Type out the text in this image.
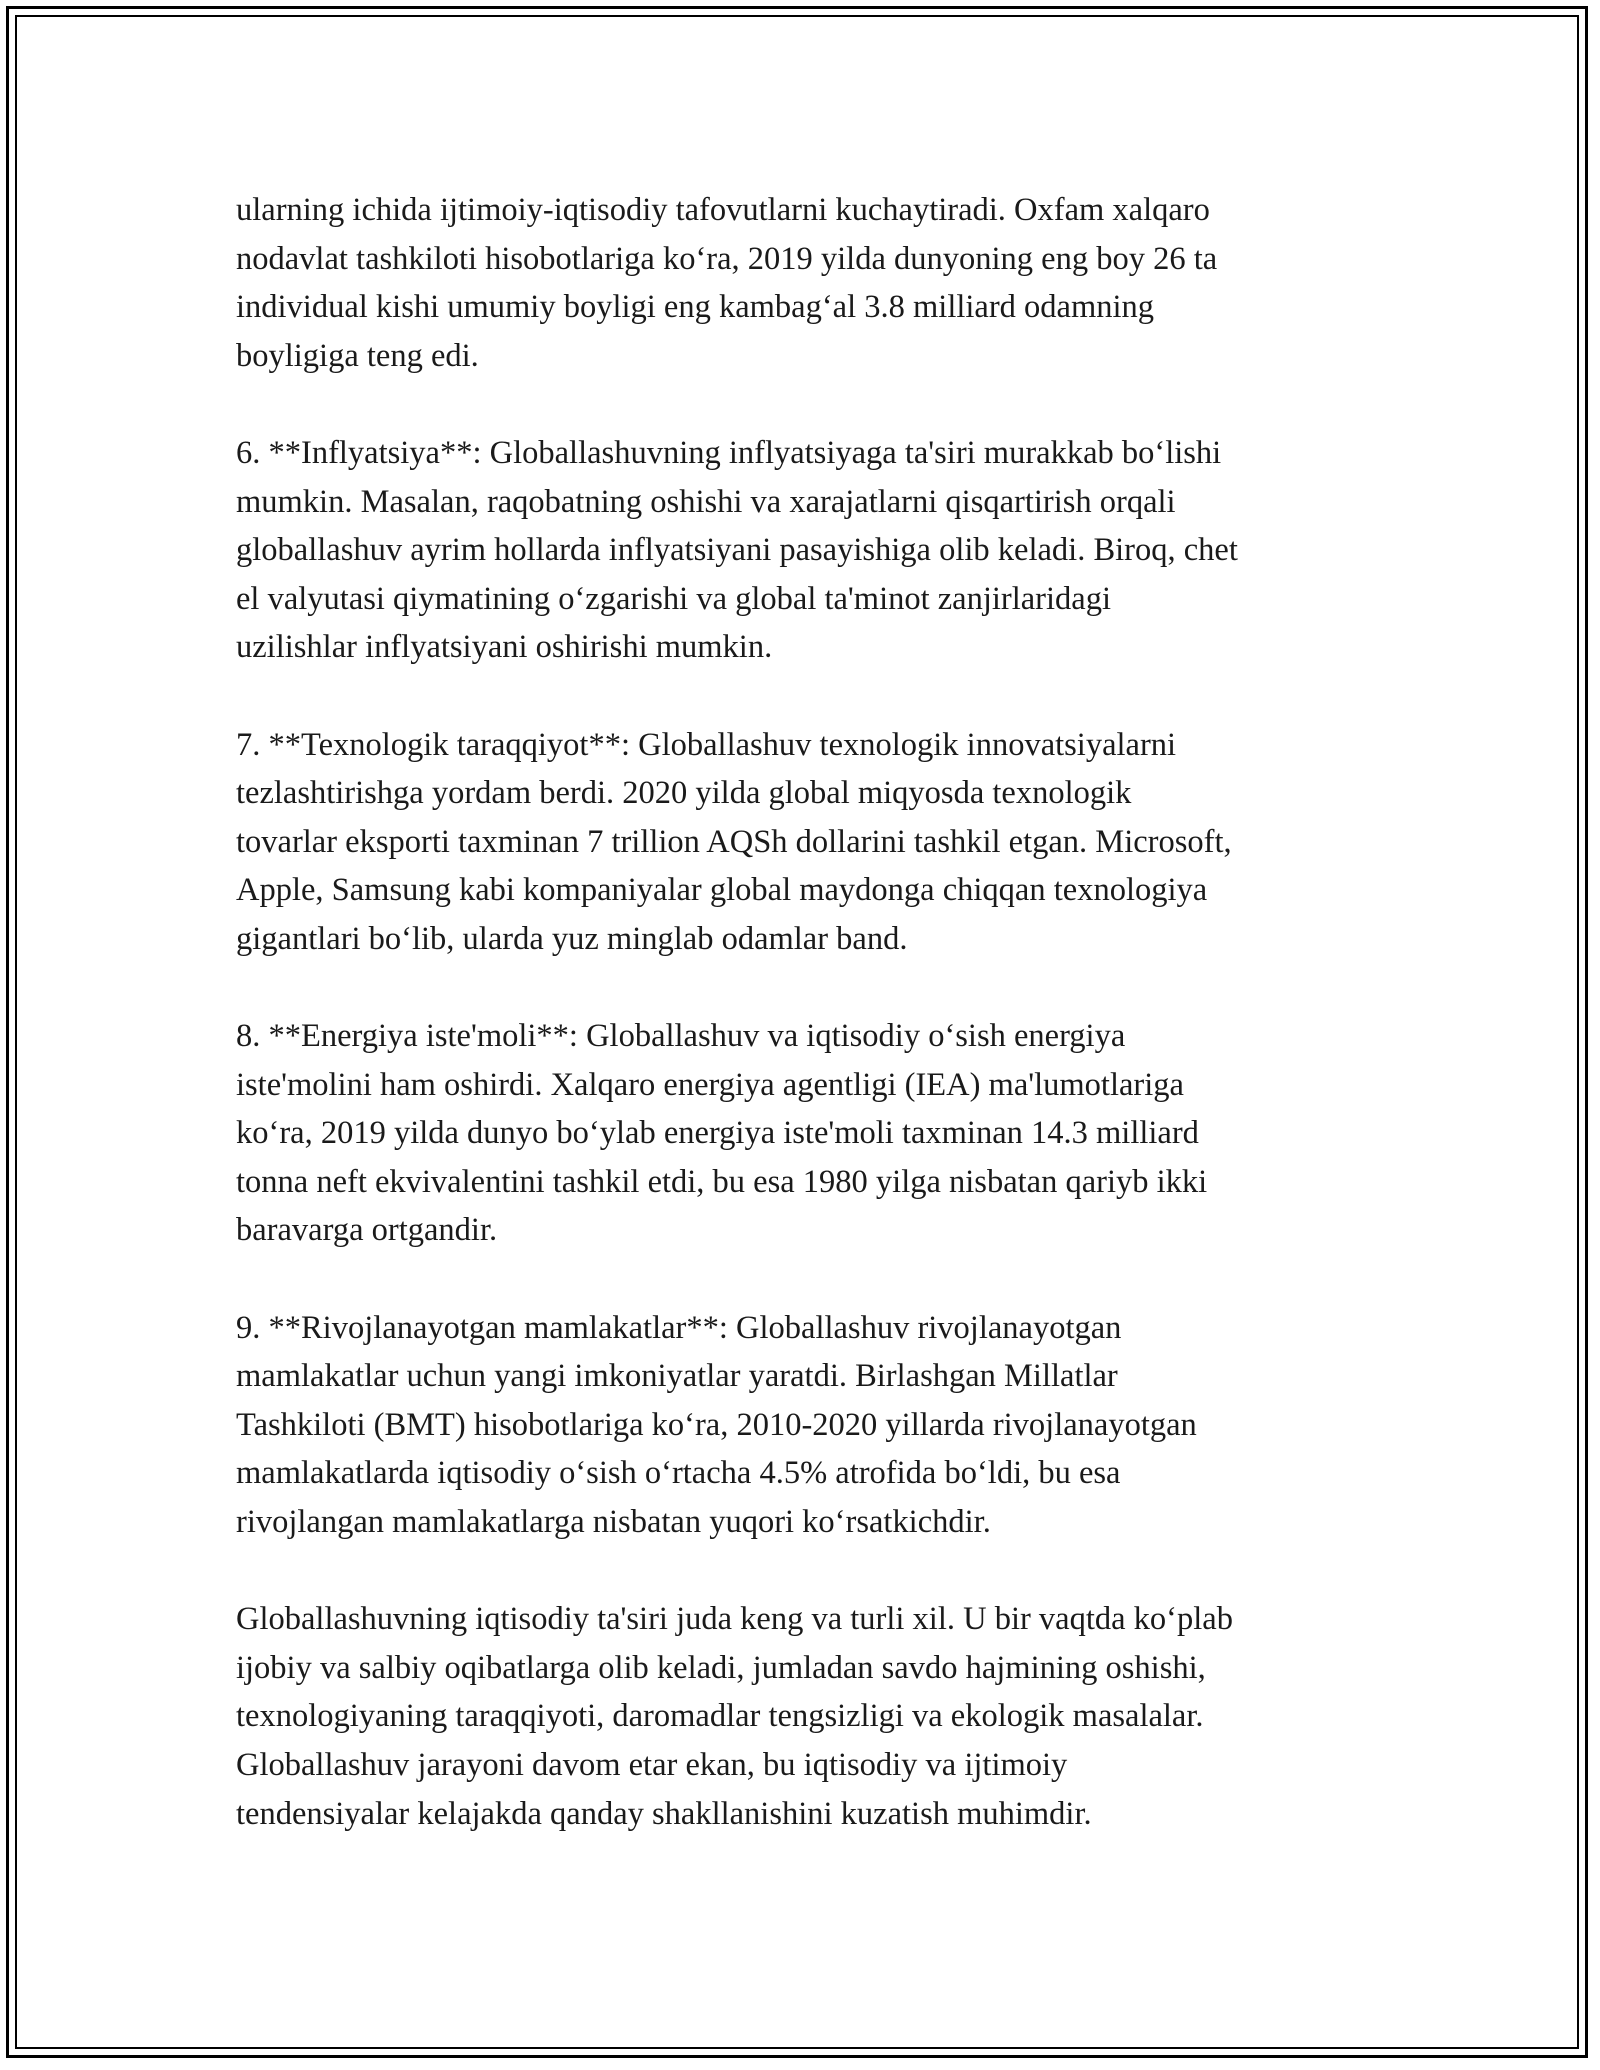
ularning ichida ijtimoiy-iqtisodiy tafovutlarni kuchaytiradi. Oxfam xalqaro
nodavlat tashkiloti hisobotlariga koʻra, 2019 yilda dunyoning eng boy 26 ta
individual kishi umumiy boyligi eng kambagʻal 3.8 milliard odamning
boyligiga teng edi.

6. **Inflyatsiya**: Globallashuvning inflyatsiyaga ta'siri murakkab boʻlishi
mumkin. Masalan, raqobatning oshishi va xarajatlarni qisqartirish orqali
globallashuv ayrim hollarda inflyatsiyani pasayishiga olib keladi. Biroq, chet
el valyutasi qiymatining oʻzgarishi va global ta'minot zanjirlaridagi
uzilishlar inflyatsiyani oshirishi mumkin.

7. **Texnologik taraqqiyot**: Globallashuv texnologik innovatsiyalarni
tezlashtirishga yordam berdi. 2020 yilda global miqyosda texnologik
tovarlar eksporti taxminan 7 trillion AQSh dollarini tashkil etgan. Microsoft,
Apple, Samsung kabi kompaniyalar global maydonga chiqqan texnologiya
gigantlari boʻlib, ularda yuz minglab odamlar band.

8. **Energiya iste'moli**: Globallashuv va iqtisodiy oʻsish energiya
iste'molini ham oshirdi. Xalqaro energiya agentligi (IEA) ma'lumotlariga
koʻra, 2019 yilda dunyo boʻylab energiya iste'moli taxminan 14.3 milliard
tonna neft ekvivalentini tashkil etdi, bu esa 1980 yilga nisbatan qariyb ikki
baravarga ortgandir.

9. **Rivojlanayotgan mamlakatlar**: Globallashuv rivojlanayotgan
mamlakatlar uchun yangi imkoniyatlar yaratdi. Birlashgan Millatlar
Tashkiloti (BMT) hisobotlariga koʻra, 2010-2020 yillarda rivojlanayotgan
mamlakatlarda iqtisodiy oʻsish oʻrtacha 4.5% atrofida boʻldi, bu esa
rivojlangan mamlakatlarga nisbatan yuqori koʻrsatkichdir.

Globallashuvning iqtisodiy ta'siri juda keng va turli xil. U bir vaqtda koʻplab
ijobiy va salbiy oqibatlarga olib keladi, jumladan savdo hajmining oshishi,
texnologiyaning taraqqiyoti, daromadlar tengsizligi va ekologik masalalar.
Globallashuv jarayoni davom etar ekan, bu iqtisodiy va ijtimoiy
tendensiyalar kelajakda qanday shakllanishini kuzatish muhimdir.
